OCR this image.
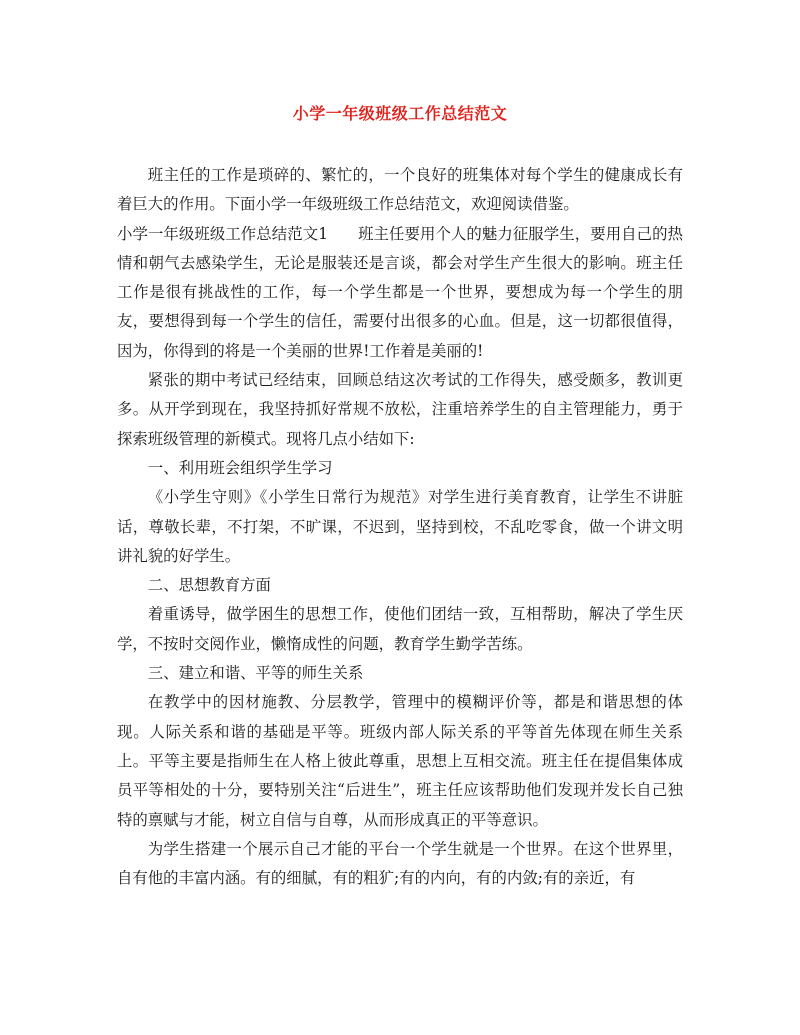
小学一年级班级工作总结范文

班主任的工作是琐碎的、繁忙的，一个良好的班集体对每个学生的健康成长有着巨大的作用。下面小学一年级班级工作总结范文，欢迎阅读借鉴。

小学一年级班级工作总结范文1 班主任要用个人的魅力征服学生，要用自己的热情和朝气去感染学生，无论是服装还是言谈，都会对学生产生很大的影响。班主任工作是很有挑战性的工作，每一个学生都是一个世界，要想成为每一个学生的朋友，要想得到每一个学生的信任，需要付出很多的心血。但是，这一切都很值得，因为，你得到的将是一个美丽的世界!工作着是美丽的!

紧张的期中考试已经结束，回顾总结这次考试的工作得失，感受颇多，教训更多。从开学到现在，我坚持抓好常规不放松，注重培养学生的自主管理能力，勇于探索班级管理的新模式。现将几点小结如下:

一、利用班会组织学生学习

《小学生守则》《小学生日常行为规范》对学生进行美育教育，让学生不讲脏话，尊敬长辈，不打架，不旷课，不迟到，坚持到校，不乱吃零食，做一个讲文明讲礼貌的好学生。

二、思想教育方面

着重诱导，做学困生的思想工作，使他们团结一致，互相帮助，解决了学生厌学，不按时交阅作业，懒惰成性的问题，教育学生勤学苦练。

三、建立和谐、平等的师生关系

在教学中的因材施教、分层教学，管理中的模糊评价等，都是和谐思想的体现。人际关系和谐的基础是平等。班级内部人际关系的平等首先体现在师生关系上。平等主要是指师生在人格上彼此尊重，思想上互相交流。班主任在提倡集体成员平等相处的十分，要特别关注“后进生”，班主任应该帮助他们发现并发长自己独特的禀赋与才能，树立自信与自尊，从而形成真正的平等意识。

为学生搭建一个展示自己才能的平台一个学生就是一个世界。在这个世界里，自有他的丰富内涵。有的细腻，有的粗犷;有的内向，有的内敛;有的亲近，有
